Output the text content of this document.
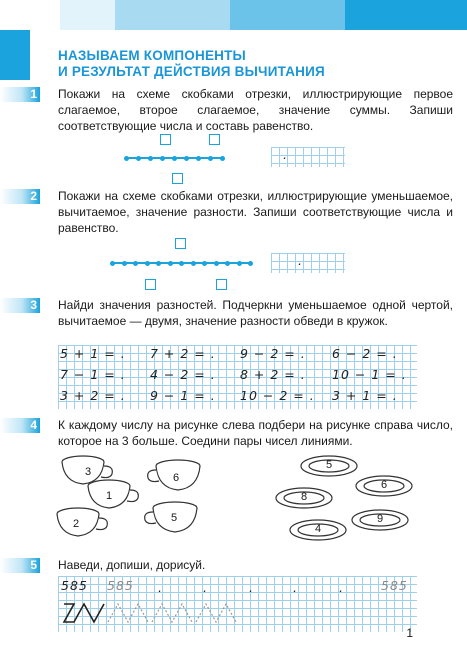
НАЗЫВАЕМ КОМПОНЕНТЫ
И РЕЗУЛЬТАТ ДЕЙСТВИЯ ВЫЧИТАНИЯ
1 Покажи на схеме скобками отрезки, иллюстрирующие первое слагаемое, второе слагаемое, значение суммы. Запиши соответствующие числа и составь равенство.
.
2 Покажи на схеме скобками отрезки, иллюстрирующие уменьшаемое, вычитаемое, значение разности. Запиши соответствующие числа и равенство.
.
3 Найди значения разностей. Подчеркни уменьшаемое одной чертой, вычитаемое — двумя, значение разности обведи в кружок.
5 + 1 = . 7 + 2 = . 9 − 2 = . 6 − 2 = .
7 − 1 = . 4 − 2 = . 8 + 2 = . 10 − 1 = .
3 + 2 = . 9 − 1 = . 10 − 2 = . 3 + 1 = .
4 К каждому числу на рисунке слева подбери на рисунке справа число, которое на 3 больше. Соедини пары чисел линиями.
3	6
1
2	5
5
6
8
9
4
5 Наведи, допиши, дорисуй.
585 585 .	.	.	.	.	585
1
